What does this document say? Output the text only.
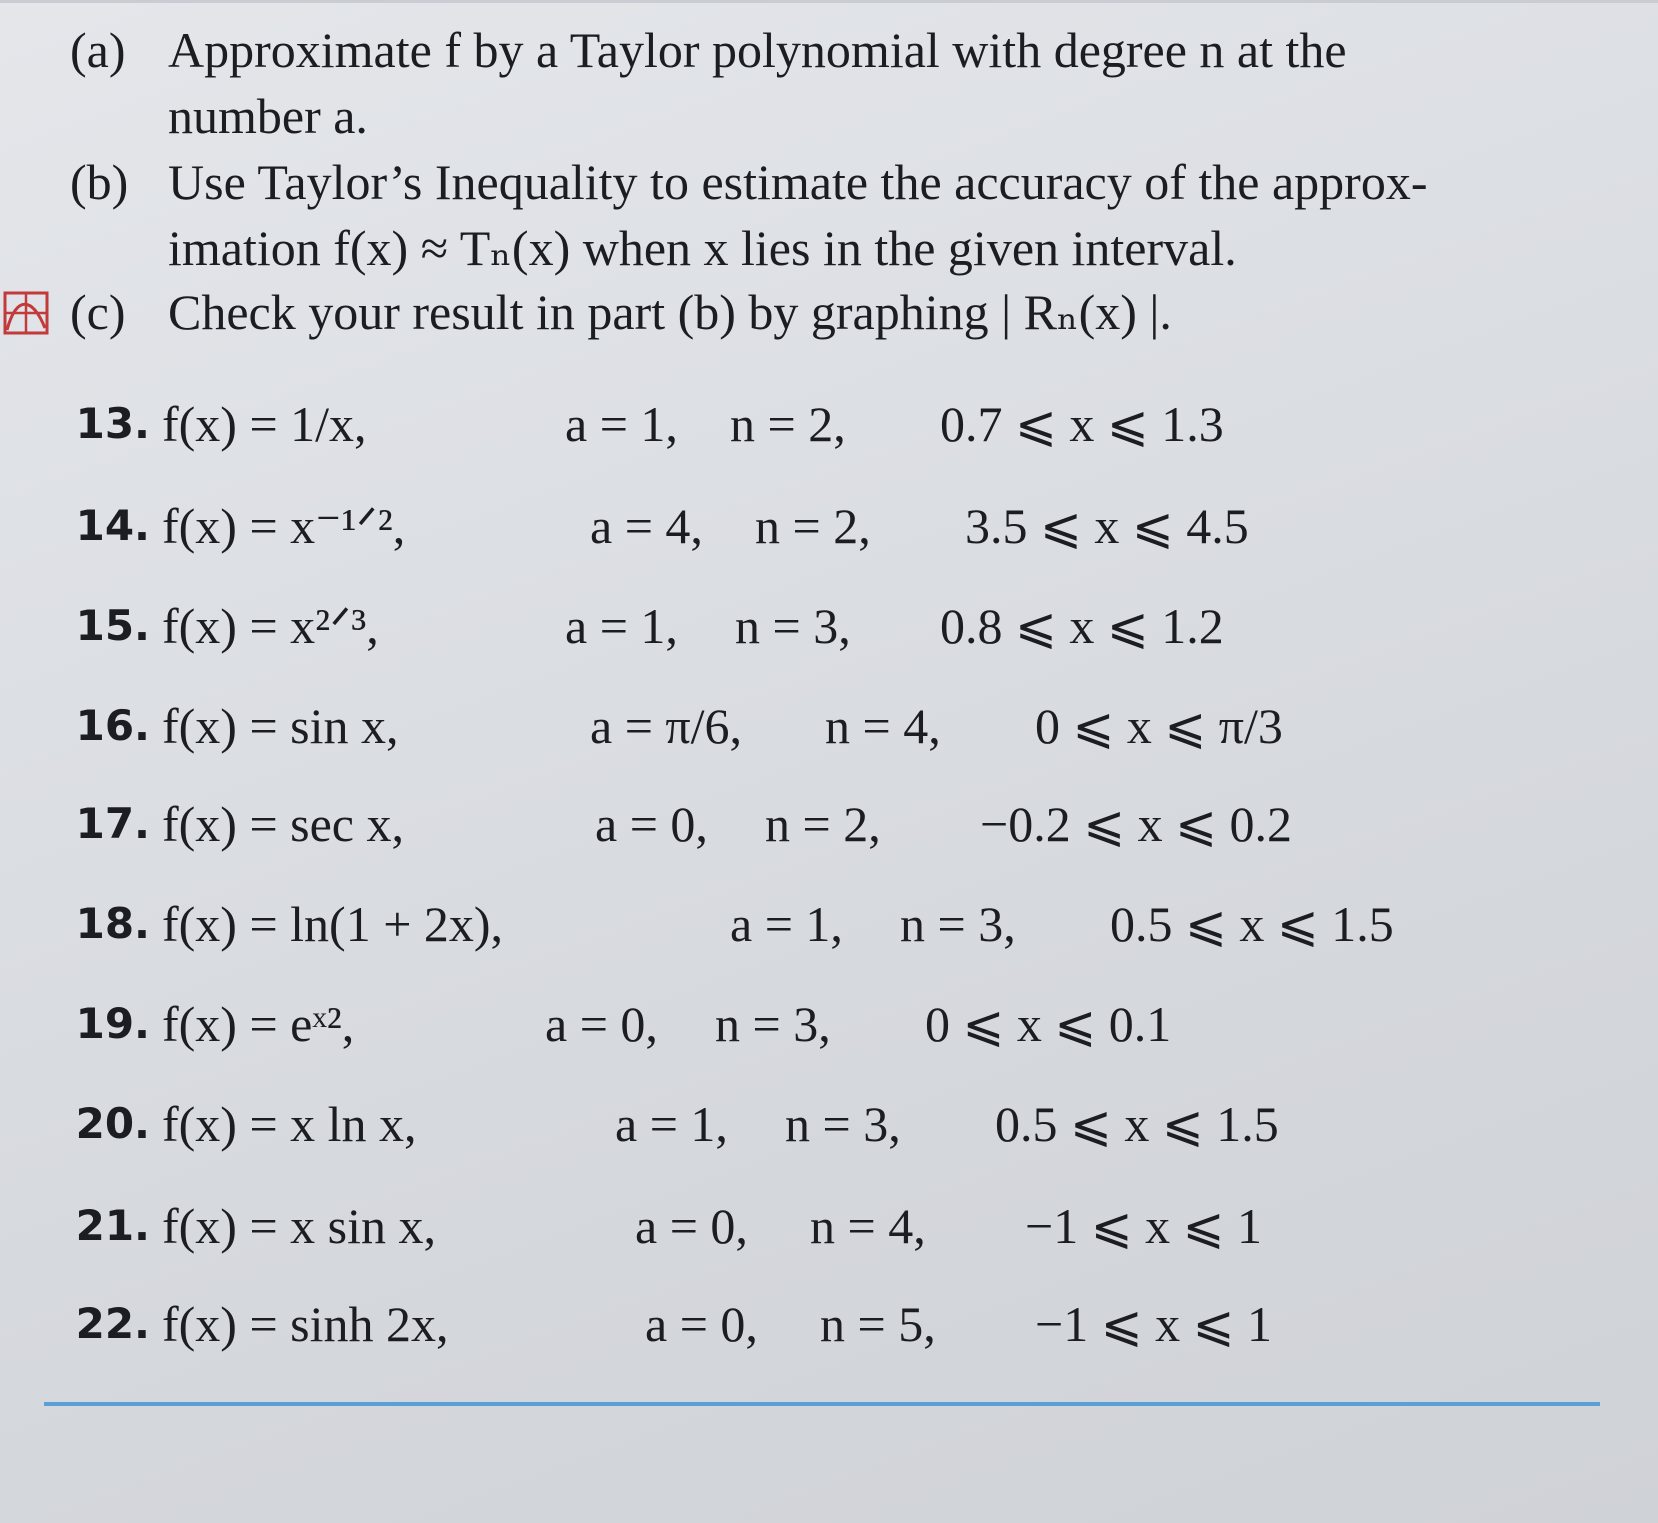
(a) Approximate f by a Taylor polynomial with degree n at the
number a.
(b) Use Taylor’s Inequality to estimate the accuracy of the approx-
imation f(x) ≈ Tₙ(x) when x lies in the given interval.
(c) Check your result in part (b) by graphing | Rₙ(x) |.
13. f(x) = 1/x,	a = 1, n = 2, 0.7 ⩽ x ⩽ 1.3
14. f(x) = x⁻¹ᐟ²,	a = 4, n = 2, 3.5 ⩽ x ⩽ 4.5
15. f(x) = x²ᐟ³,	a = 1, n = 3, 0.8 ⩽ x ⩽ 1.2
16. f(x) = sin x,	a = π/6, n = 4, 0 ⩽ x ⩽ π/3
17. f(x) = sec x,	a = 0, n = 2, −0.2 ⩽ x ⩽ 0.2
18. f(x) = ln(1 + 2x),	a = 1, n = 3, 0.5 ⩽ x ⩽ 1.5
19. f(x) = eˣ²,	a = 0, n = 3, 0 ⩽ x ⩽ 0.1
20. f(x) = x ln x,	a = 1, n = 3, 0.5 ⩽ x ⩽ 1.5
21. f(x) = x sin x,	a = 0, n = 4, −1 ⩽ x ⩽ 1
22. f(x) = sinh 2x,	a = 0, n = 5, −1 ⩽ x ⩽ 1
